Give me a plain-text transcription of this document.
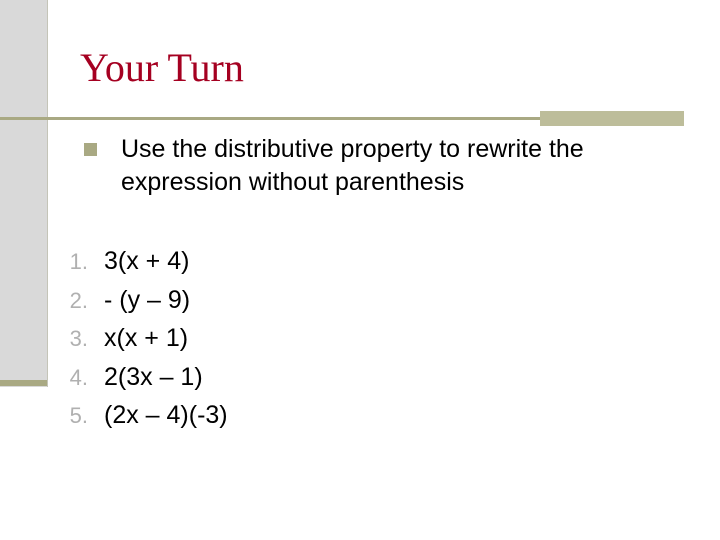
Your Turn
Use the distributive property to rewrite the
expression without parenthesis
1. 3(x + 4)
2. - (y – 9)
3. x(x + 1)
4. 2(3x – 1)
5. (2x – 4)(-3)
